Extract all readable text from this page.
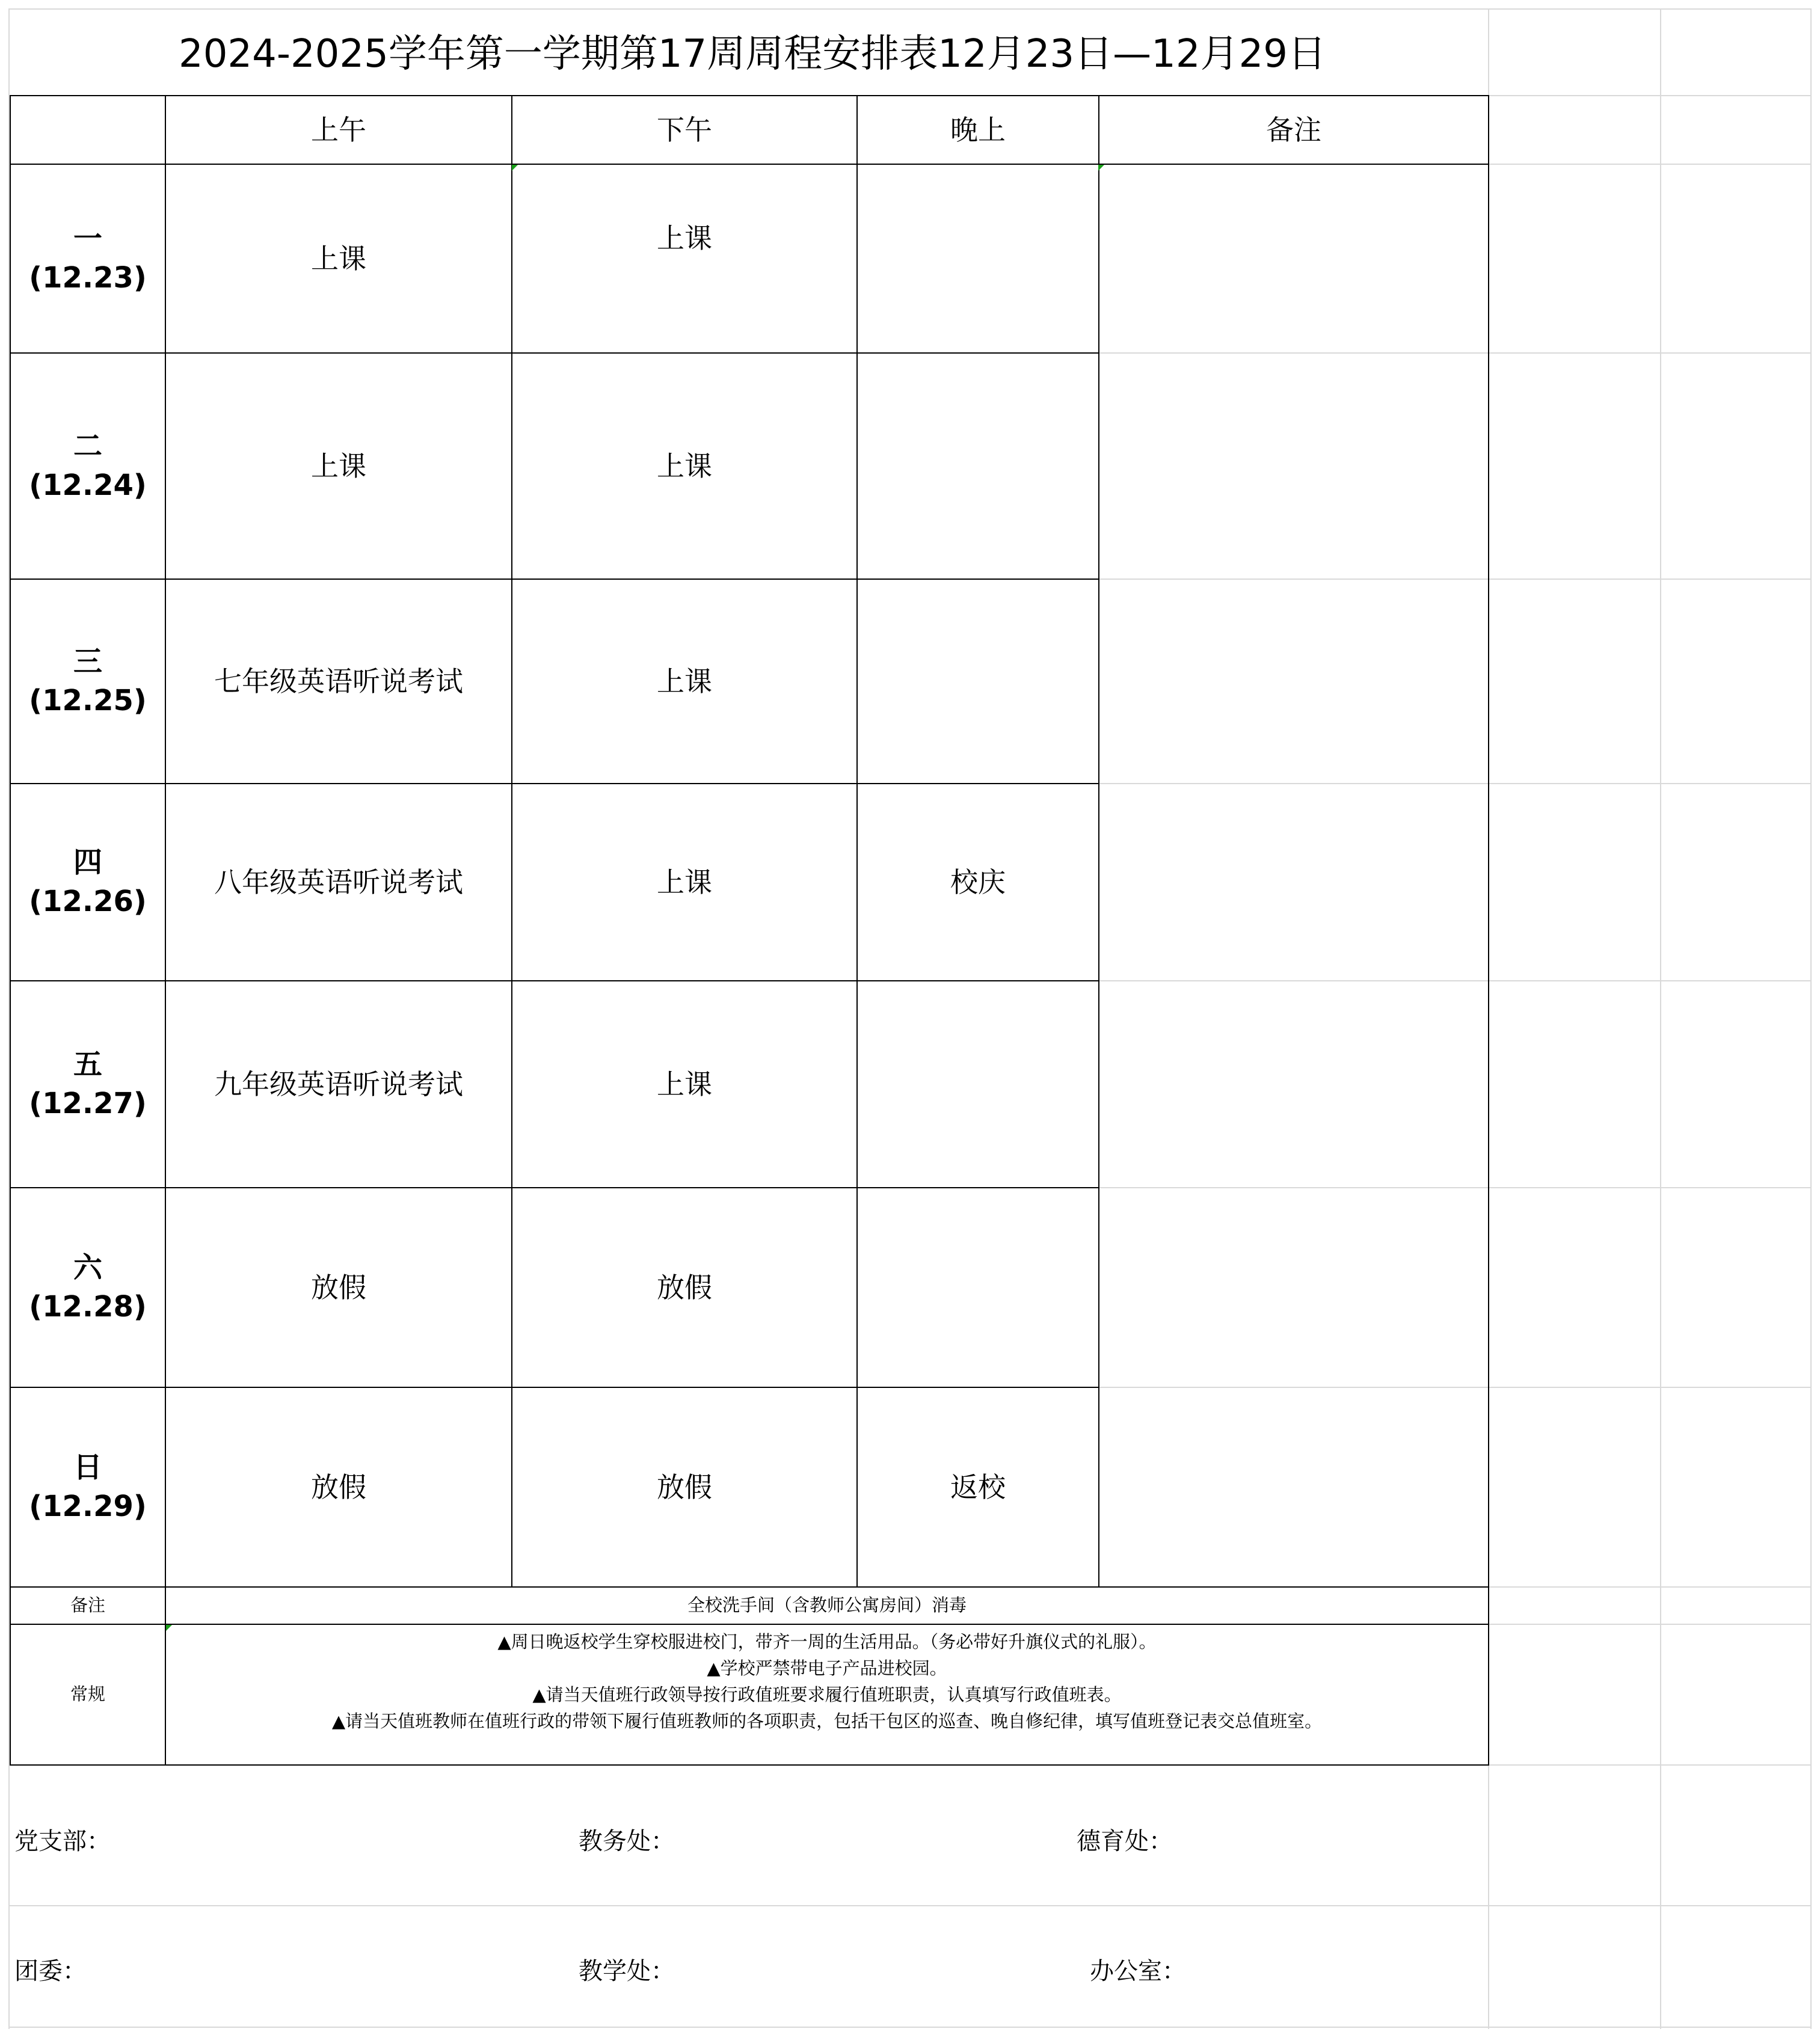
2024-2025学年第一学期第17周周程安排表12月23日—12月29日
	上午	下午	晚上	备注

一
(12.23)	上课	上课		

二
(12.24)	上课	上课		

三
(12.25)	七年级英语听说考试	上课		

四
(12.26)	八年级英语听说考试	上课	校庆	

五
(12.27)	九年级英语听说考试	上课		

六
(12.28)	放假	放假		

日
(12.29)	放假	放假	返校	
备注	全校洗手间（含教师公寓房间）消毒			
常规	▲周日晚返校学生穿校服进校门，带齐一周的生活用品。（务必带好升旗仪式的礼服）。
▲学校严禁带电子产品进校园。
▲请当天值班行政领导按行政值班要求履行值班职责，认真填写行政值班表。
▲请当天值班教师在值班行政的带领下履行值班教师的各项职责，包括干包区的巡查、晚自修纪律，填写值班登记表交总值班室。			
党支部：	教务处：	德育处：
团委：	教学处：	办公室：
